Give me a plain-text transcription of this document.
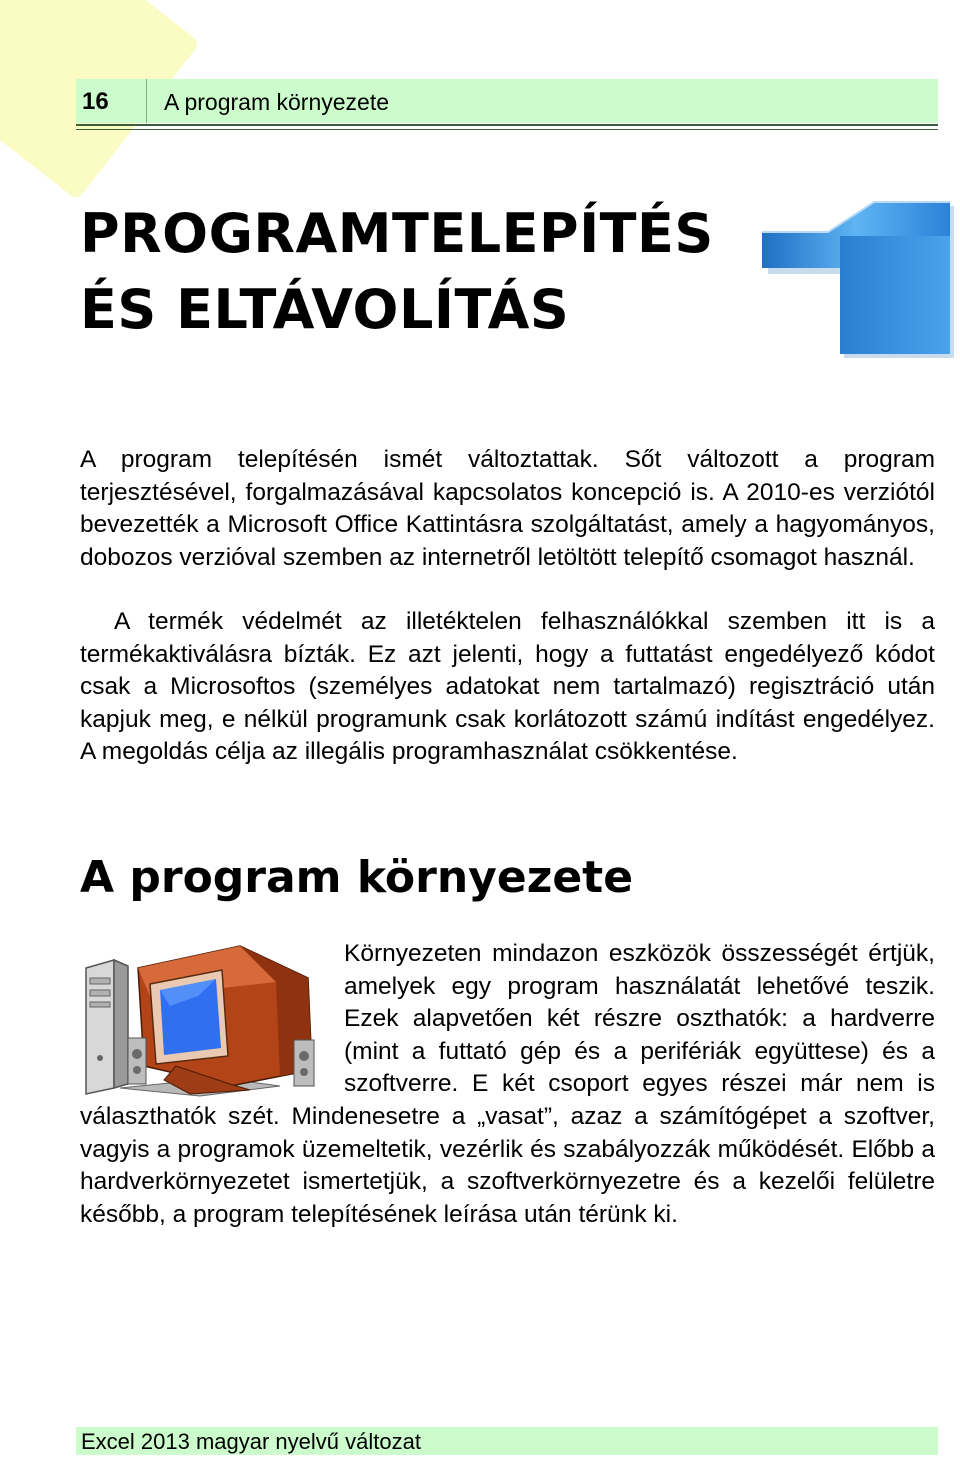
16 A program környezete
PROGRAMTELEPÍTÉS
ÉS ELTÁVOLÍTÁS

A program telepítésén ismét változtattak. Sőt változott a program terjesztésével, forgalmazásával kapcsolatos koncepció is. A 2010-es verziótól bevezették a Microsoft Office Kattintásra szolgáltatást, amely a hagyományos, dobozos verzióval szemben az internetről letöltött telepítő csomagot használ.

A termék védelmét az illetéktelen felhasználókkal szemben itt is a termékaktiválásra bízták. Ez azt jelenti, hogy a futtatást engedélyező kódot csak a Microsoftos (személyes adatokat nem tartalmazó) regisztráció után kapjuk meg, e nélkül programunk csak korlátozott számú indítást engedélyez. A megoldás célja az illegális programhasználat csökkentése.

A program környezete
Környezeten mindazon eszközök összességét értjük, amelyek egy program használatát lehetővé teszik. Ezek alapvetően két részre oszthatók: a hardverre (mint a futtató gép és a perifériák együttese) és a szoftverre. E két csoport egyes részei már nem is választhatók szét. Mindenesetre a „vasat”, azaz a számítógépet a szoftver, vagyis a programok üzemeltetik, vezérlik és szabályozzák működését. Előbb a hardverkörnyezetet ismertetjük, a szoftverkörnyezetre és a kezelői felületre később, a program telepítésének leírása után térünk ki.
Excel 2013 magyar nyelvű változat
